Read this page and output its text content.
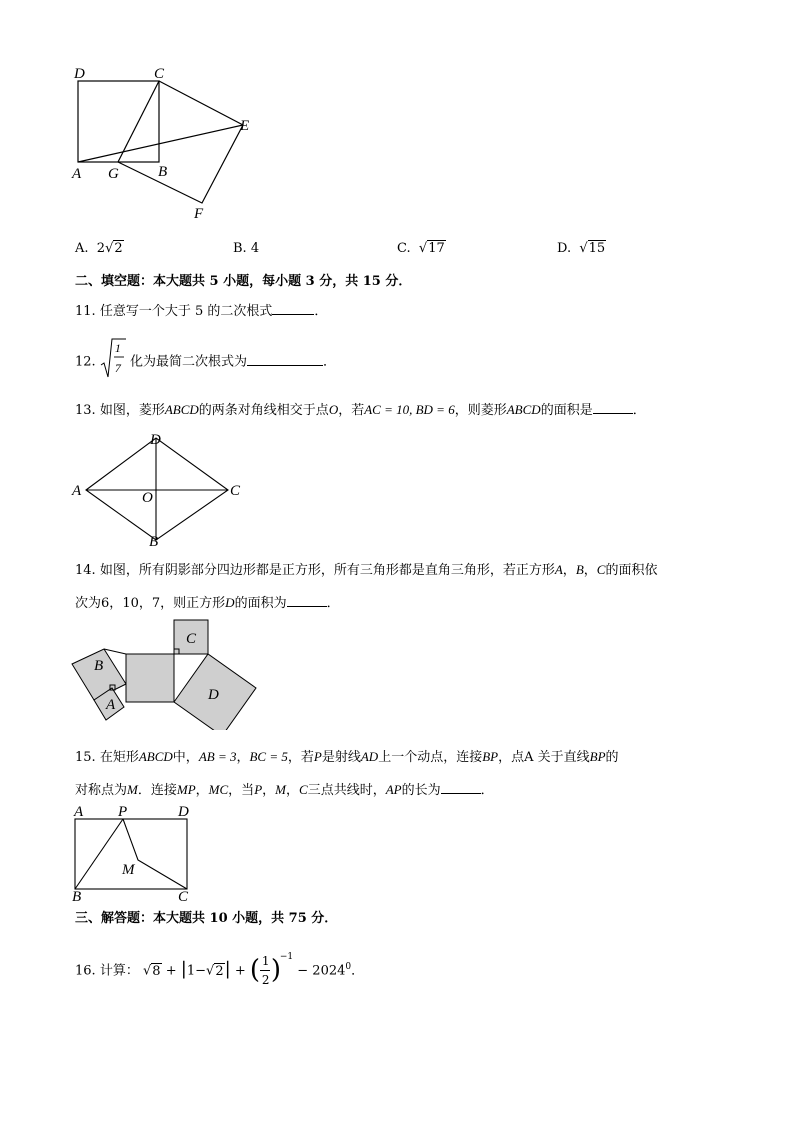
D	C
E
A G	B
F
A. 2√2	B. 4	C. √17	D. √15
二、填空题：本大题共 5 小题，每小题 3 分，共 15 分．
11. 任意写一个大于 5 的二次根式	．
12.
1
7 化为最简二次根式为	．
13. 如图，菱形ABCD的两条对角线相交于点O，若AC = 10, BD = 6，则菱形ABCD的面积是	．
D
A	O	C
B
14. 如图，所有阴影部分四边形都是正方形，所有三角形都是直角三角形，若正方形A，B，C的面积依
次为6，10，7，则正方形D的面积为	．
B
A
C
D
15. 在矩形ABCD中，AB = 3，BC = 5，若P是射线AD上一个动点，连接BP，点A 关于直线BP的
对称点为M．连接MP，MC，当P，M，C三点共线时，AP的长为	．
A P	D
M
B	C
三、解答题：本大题共 10 小题，共 75 分．
16. 计算： √8 + |1−√2| + ( 1
2 )
$^{-1} - 2024^0$．
